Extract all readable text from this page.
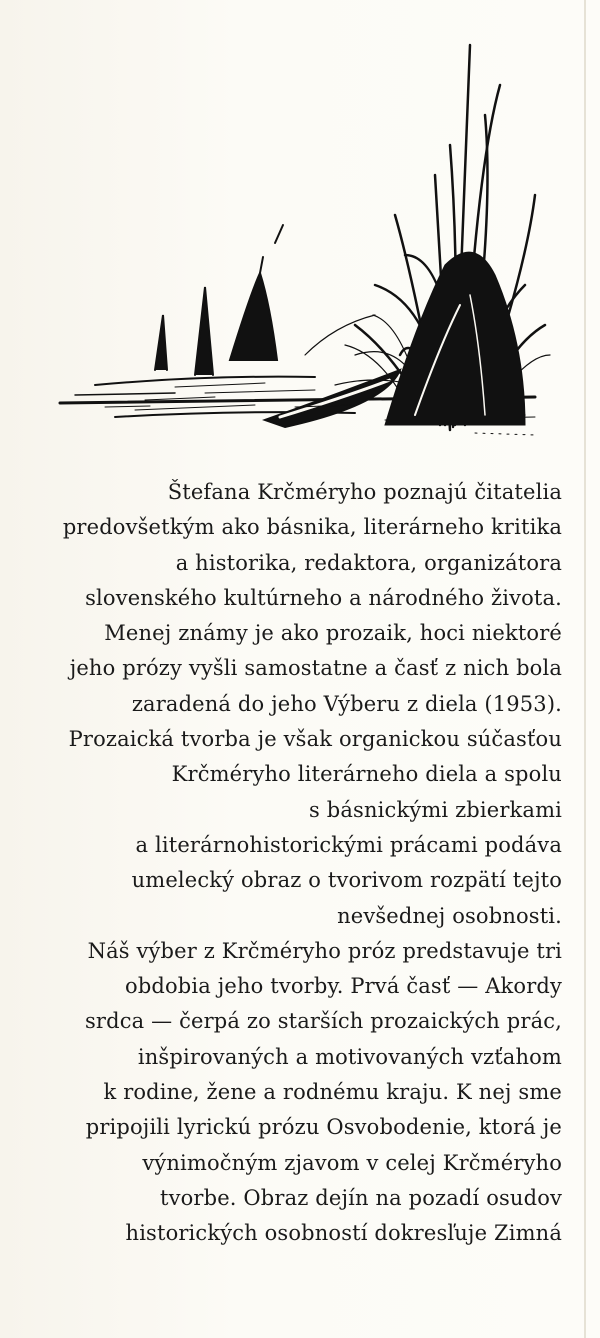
Štefana Krčméryho poznajú čitatelia
predovšetkým ako básnika, literárneho kritika
a historika, redaktora, organizátora
slovenského kultúrneho a národného života.
Menej známy je ako prozaik, hoci niektoré
jeho prózy vyšli samostatne a časť z nich bola
zaradená do jeho Výberu z diela (1953).
Prozaická tvorba je však organickou súčasťou
Krčméryho literárneho diela a spolu
s básnickými zbierkami
a literárnohistorickými prácami podáva
umelecký obraz o tvorivom rozpätí tejto
nevšednej osobnosti.
Náš výber z Krčméryho próz predstavuje tri
obdobia jeho tvorby. Prvá časť — Akordy
srdca — čerpá zo starších prozaických prác,
inšpirovaných a motivovaných vzťahom
k rodine, žene a rodnému kraju. K nej sme
pripojili lyrickú prózu Osvobodenie, ktorá je
výnimočným zjavom v celej Krčméryho
tvorbe. Obraz dejín na pozadí osudov
historických osobností dokresľuje Zimná
